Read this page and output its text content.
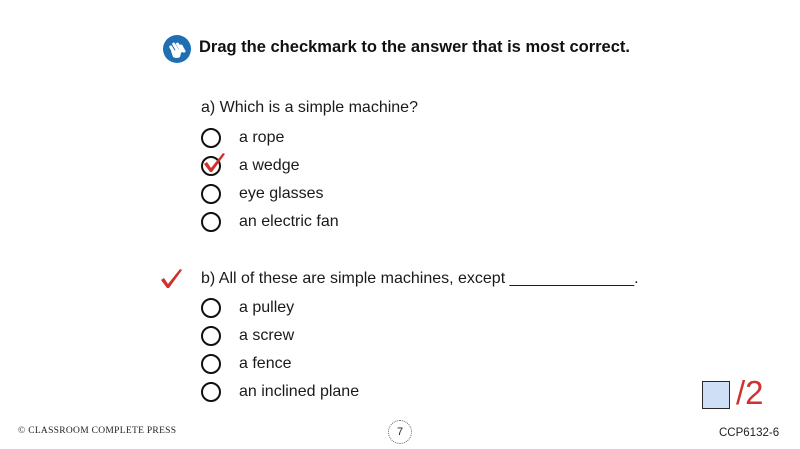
Drag the checkmark to the answer that is most correct.
a) Which is a simple machine?
a rope
a wedge
eye glasses
an electric fan
b) All of these are simple machines, except ______________.
a pulley
a screw
a fence
an inclined plane	/2
© CLASSROOM COMPLETE PRESS	7	CCP6132-6
